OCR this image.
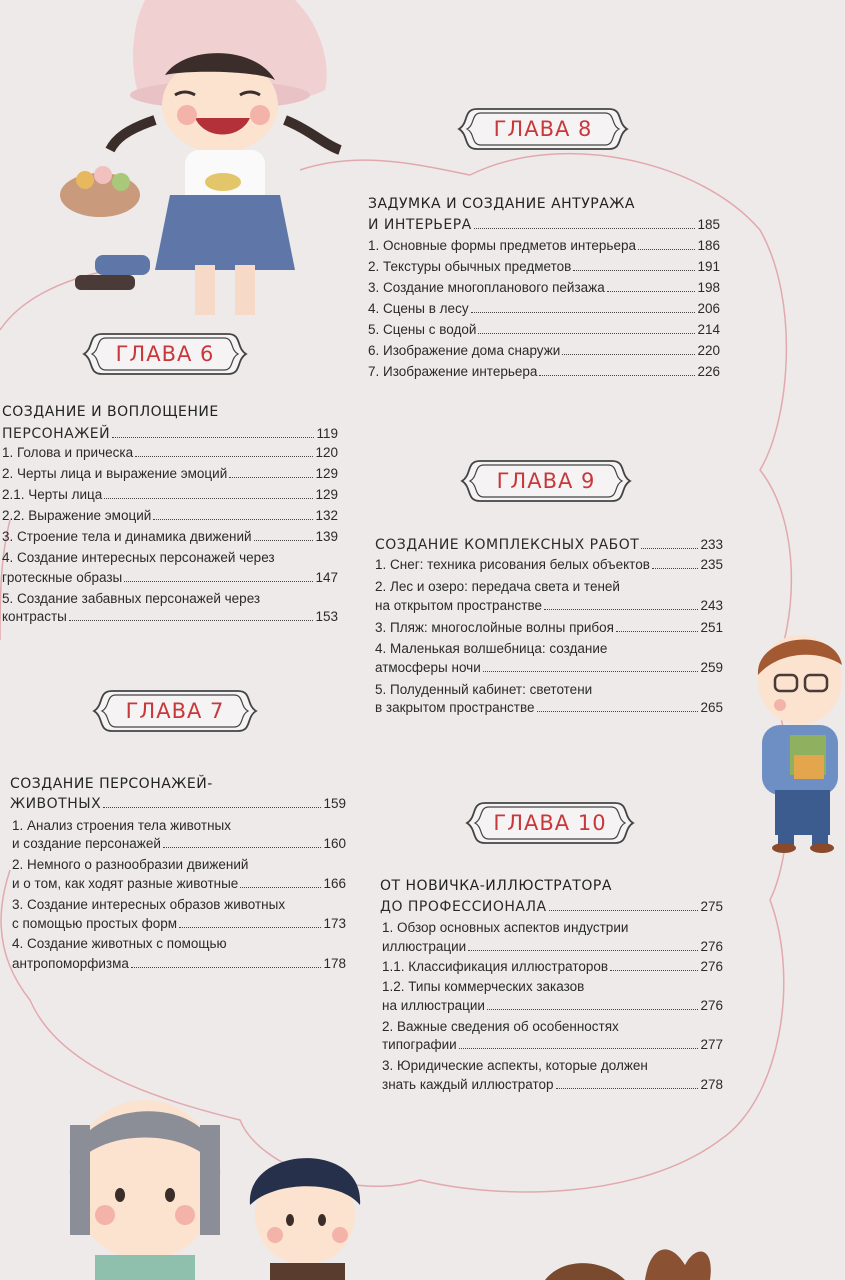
ГЛАВА 8
ЗАДУМКА И СОЗДАНИЕ АНТУРАЖА
И ИНТЕРЬЕРА	185
1. Основные формы предметов интерьера	186
2. Текстуры обычных предметов	191
3. Создание многопланового пейзажа	198
4. Сцены в лесу	206
5. Сцены с водой	214
6. Изображение дома снаружи	220
7. Изображение интерьера	226
ГЛАВА 6
СОЗДАНИЕ И ВОПЛОЩЕНИЕ
ПЕРСОНАЖЕЙ	119
1. Голова и прическа	120
2. Черты лица и выражение эмоций	129
2.1. Черты лица	129
2.2. Выражение эмоций	132
3. Строение тела и динамика движений	139
4. Создание интересных персонажей через
гротескные образы	147
5. Создание забавных персонажей через
контрасты	153
ГЛАВА 9
СОЗДАНИЕ КОМПЛЕКСНЫХ РАБОТ	233
1. Снег: техника рисования белых объектов	235
2. Лес и озеро: передача света и теней
на открытом пространстве	243
3. Пляж: многослойные волны прибоя	251
4. Маленькая волшебница: создание
атмосферы ночи	259
5. Полуденный кабинет: светотени
в закрытом пространстве	265
ГЛАВА 7
СОЗДАНИЕ ПЕРСОНАЖЕЙ-
ЖИВОТНЫХ	159
1. Анализ строения тела животных
и создание персонажей	160
2. Немного о разнообразии движений
и о том, как ходят разные животные	166
3. Создание интересных образов животных
с помощью простых форм	173
4. Создание животных с помощью
антропоморфизма	178
ГЛАВА 10
ОТ НОВИЧКА-ИЛЛЮСТРАТОРА
ДО ПРОФЕССИОНАЛА	275
1. Обзор основных аспектов индустрии
иллюстрации	276
1.1. Классификация иллюстраторов	276
1.2. Типы коммерческих заказов
на иллюстрации	276
2. Важные сведения об особенностях
типографии	277
3. Юридические аспекты, которые должен
знать каждый иллюстратор	278
